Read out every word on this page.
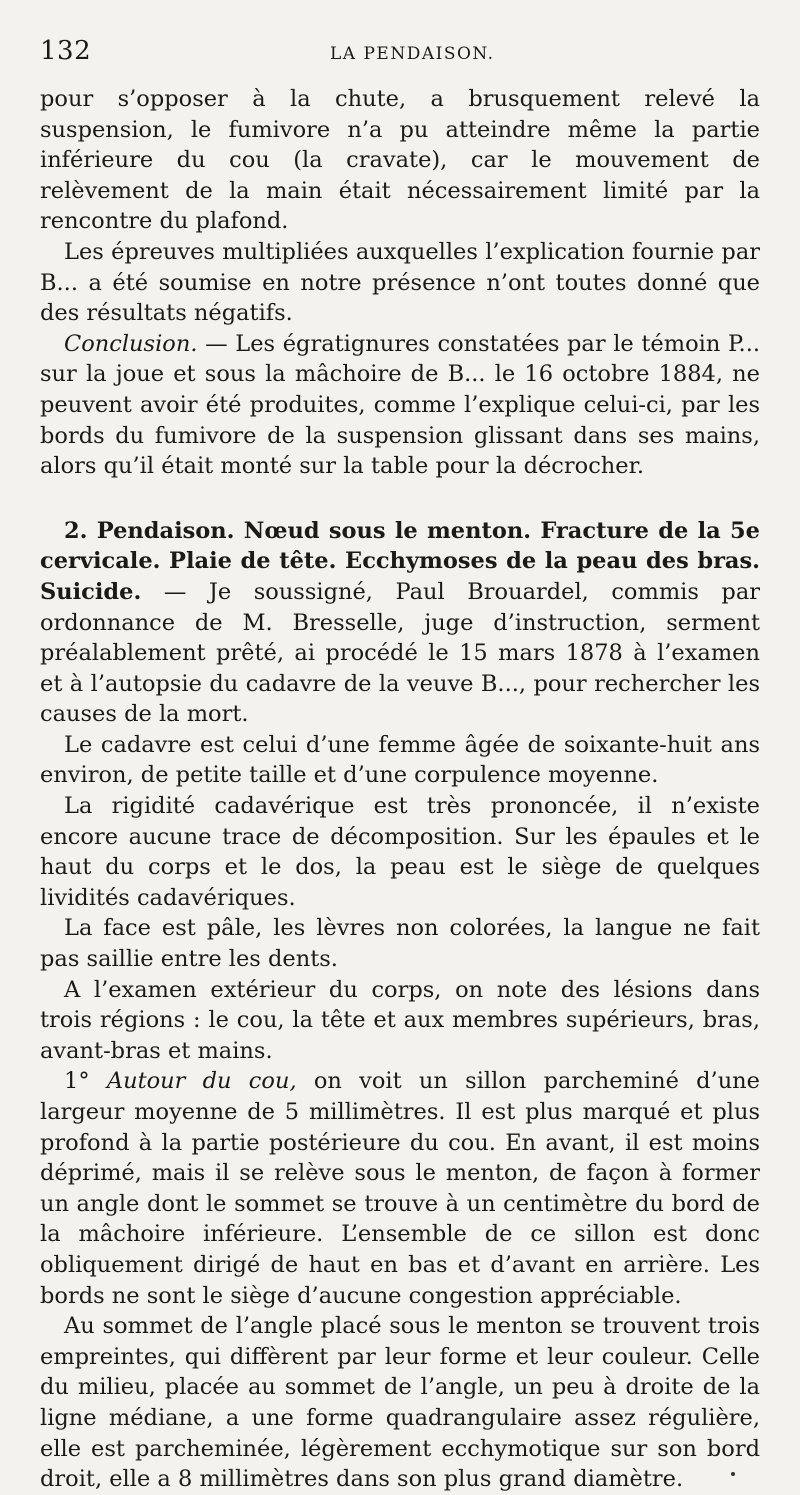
132	LA PENDAISON.

pour s’opposer à la chute, a brusquement relevé la suspension, le fumivore n’a pu atteindre même la partie inférieure du cou (la cravate), car le mouvement de relèvement de la main était nécessairement limité par la rencontre du plafond.

Les épreuves multipliées auxquelles l’explication fournie par B... a été soumise en notre présence n’ont toutes donné que des résultats négatifs.

Conclusion. — Les égratignures constatées par le témoin P... sur la joue et sous la mâchoire de B... le 16 octobre 1884, ne peuvent avoir été produites, comme l’explique celui-ci, par les bords du fumivore de la suspension glissant dans ses mains, alors qu’il était monté sur la table pour la décrocher.

2. Pendaison. Nœud sous le menton. Fracture de la 5e cervicale. Plaie de tête. Ecchymoses de la peau des bras. Suicide. — Je soussigné, Paul Brouardel, commis par ordonnance de M. Bresselle, juge d’instruction, serment préalablement prêté, ai procédé le 15 mars 1878 à l’examen et à l’autopsie du cadavre de la veuve B..., pour rechercher les causes de la mort.

Le cadavre est celui d’une femme âgée de soixante-huit ans environ, de petite taille et d’une corpulence moyenne.

La rigidité cadavérique est très prononcée, il n’existe encore aucune trace de décomposition. Sur les épaules et le haut du corps et le dos, la peau est le siège de quelques lividités cadavériques.

La face est pâle, les lèvres non colorées, la langue ne fait pas saillie entre les dents.

A l’examen extérieur du corps, on note des lésions dans trois régions : le cou, la tête et aux membres supérieurs, bras, avant-bras et mains.

1° Autour du cou, on voit un sillon parcheminé d’une largeur moyenne de 5 millimètres. Il est plus marqué et plus profond à la partie postérieure du cou. En avant, il est moins déprimé, mais il se relève sous le menton, de façon à former un angle dont le sommet se trouve à un centimètre du bord de la mâchoire inférieure. L’ensemble de ce sillon est donc obliquement dirigé de haut en bas et d’avant en arrière. Les bords ne sont le siège d’aucune congestion appréciable.

Au sommet de l’angle placé sous le menton se trouvent trois empreintes, qui diffèrent par leur forme et leur couleur. Celle du milieu, placée au sommet de l’angle, un peu à droite de la ligne médiane, a une forme quadrangulaire assez régulière, elle est parcheminée, légèrement ecchymotique sur son bord droit, elle a 8 millimètres dans son plus grand diamètre.
